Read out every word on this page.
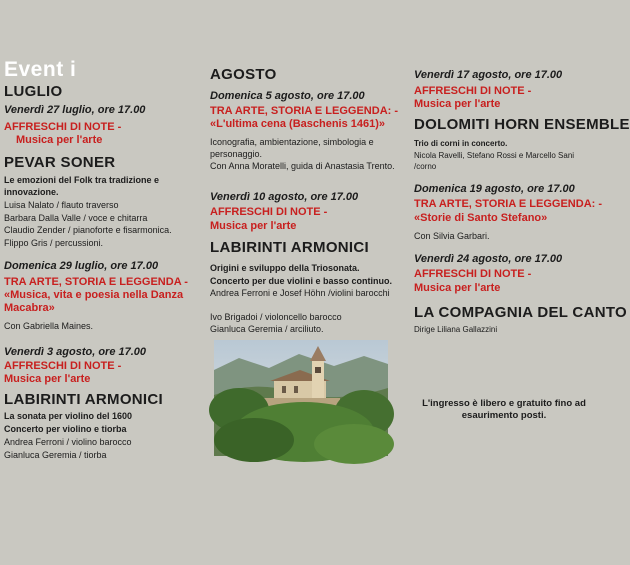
Event i
LUGLIO
Venerdì 27 luglio, ore 17.00
AFFRESCHI DI NOTE -
Musica per l'arte
PEVAR SONER
Le emozioni del Folk tra tradizione e innovazione.
Luisa Nalato / flauto traverso
Barbara Dalla Valle / voce e chitarra
Claudio Zender / pianoforte e fisarmonica.
Flippo Gris / percussioni.
Domenica 29 luglio, ore 17.00
TRA ARTE, STORIA E LEGGENDA -
«Musica, vita e poesia nella Danza
Macabra»
Con Gabriella Maines.
Venerdì 3 agosto, ore 17.00
AFFRESCHI DI NOTE -
Musica per l'arte
LABIRINTI ARMONICI
La sonata per violino del 1600
Concerto per violino e tiorba
Andrea Ferroni / violino barocco
Gianluca Geremia / tiorba
AGOSTO
Domenica 5 agosto, ore 17.00
TRA ARTE, STORIA E LEGGENDA: -
«L'ultima cena (Baschenis 1461)»
Iconografia, ambientazione, simbologia e personaggio.
Con Anna Moratelli, guida di Anastasia Trento.
Venerdì 10 agosto, ore 17.00
AFFRESCHI DI NOTE -
Musica per l'arte
LABIRINTI ARMONICI
Origini e sviluppo della Triosonata.
Concerto per due violini e basso continuo.
Andrea Ferroni e Josef Höhn /violini barocchi
Ivo Brigadoi / violoncello barocco
Gianluca Geremia / arciliuto.
Venerdì 17 agosto, ore 17.00
AFFRESCHI DI NOTE -
Musica per l'arte
DOLOMITI HORN ENSEMBLE
Trio di corni in concerto.
Nicola Ravelli, Stefano Rossi e Marcello Sani /corno
Domenica 19 agosto, ore 17.00
TRA ARTE, STORIA E LEGGENDA: -
«Storie di Santo Stefano»
Con Silvia Garbari.
Venerdì 24 agosto, ore 17.00
AFFRESCHI DI NOTE -
Musica per l'arte
LA COMPAGNIA DEL CANTO
Dirige Liliana Gallazzini
L'ingresso è libero e gratuito fino ad esaurimento posti.
